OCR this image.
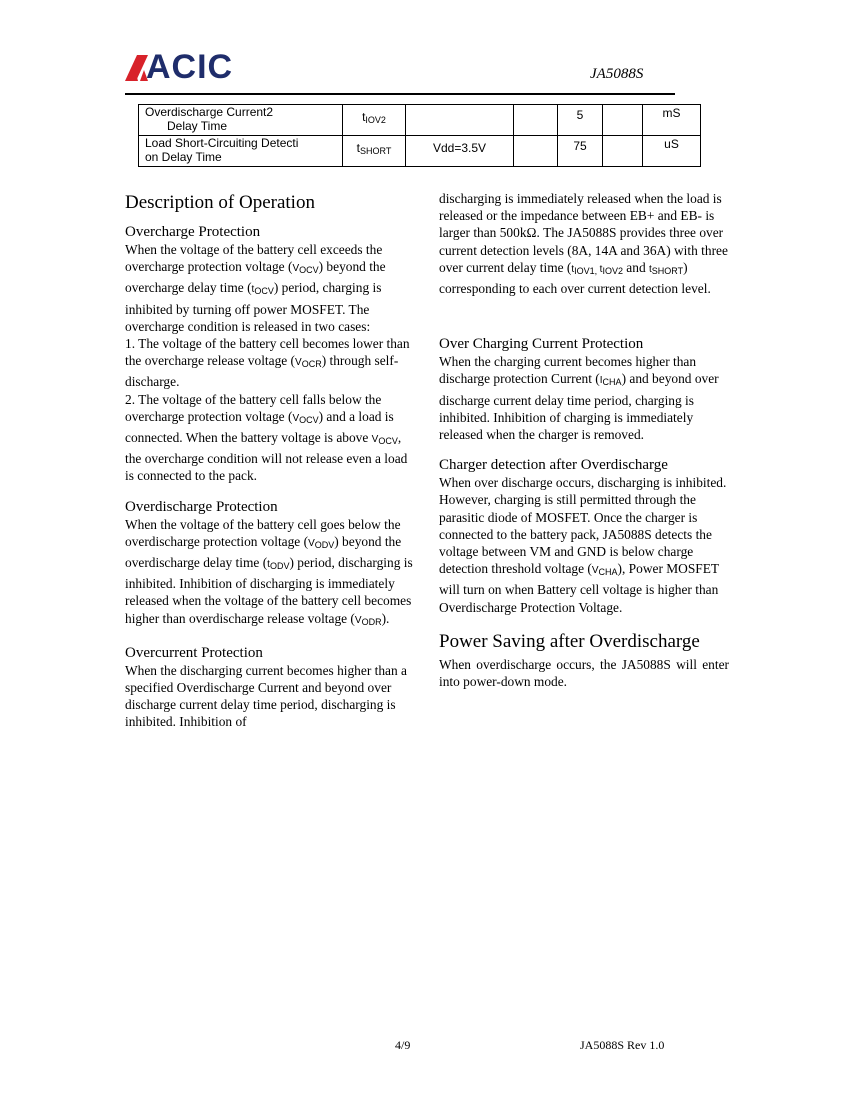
ACIC	JA5088S
Overdischarge Current2
Delay Time	$t_{IOV2}$			5		mS

Load Short-Circuiting Detecti
on Delay Time	$t_{SHORT}$	Vdd=3.5V		75		uS
Description of Operation
Overcharge Protection

When the voltage of the battery cell exceeds the overcharge protection voltage $(V_{OCV})$ beyond the overcharge delay time $(t_{OCV})$ period, charging is inhibited by turning off power MOSFET. The overcharge condition is released in two cases:

1. The voltage of the battery cell becomes lower than the overcharge release voltage $(V_{OCR})$ through self-discharge.

2. The voltage of the battery cell falls below the overcharge protection voltage $(V_{OCV})$ and a load is connected. When the battery voltage is above $V_{OCV}$, the overcharge condition will not release even a load is connected to the pack.

Overdischarge Protection

When the voltage of the battery cell goes below the overdischarge protection voltage $(V_{ODV})$ beyond the overdischarge delay time $(t_{ODV})$ period, discharging is inhibited. Inhibition of discharging is immediately released when the voltage of the battery cell becomes higher than overdischarge release voltage $(V_{ODR})$.

Overcurrent Protection

When the discharging current becomes higher than a specified Overdischarge Current and beyond over discharge current delay time period, discharging is inhibited. Inhibition of

discharging is immediately released when the load is released or the impedance between EB+ and EB- is larger than 500kΩ. The JA5088S provides three over current detection levels (8A, 14A and 36A) with three over current delay time ($t_{IOV1,}$ $t_{IOV2}$ and $t_{SHORT}$) corresponding to each over current detection level.

Over Charging Current Protection

When the charging current becomes higher than discharge protection Current $(I_{CHA})$ and beyond over discharge current delay time period, charging is inhibited. Inhibition of charging is immediately released when the charger is removed.

Charger detection after Overdischarge

When over discharge occurs, discharging is inhibited. However, charging is still permitted through the parasitic diode of MOSFET. Once the charger is connected to the battery pack, JA5088S detects the voltage between VM and GND is below charge detection threshold voltage $(V_{CHA})$, Power MOSFET will turn on when Battery cell voltage is higher than Overdischarge Protection Voltage.

Power Saving after Overdischarge

When overdischarge occurs, the JA5088S will enter into power-down mode.

4/9	JA5088S Rev 1.0
